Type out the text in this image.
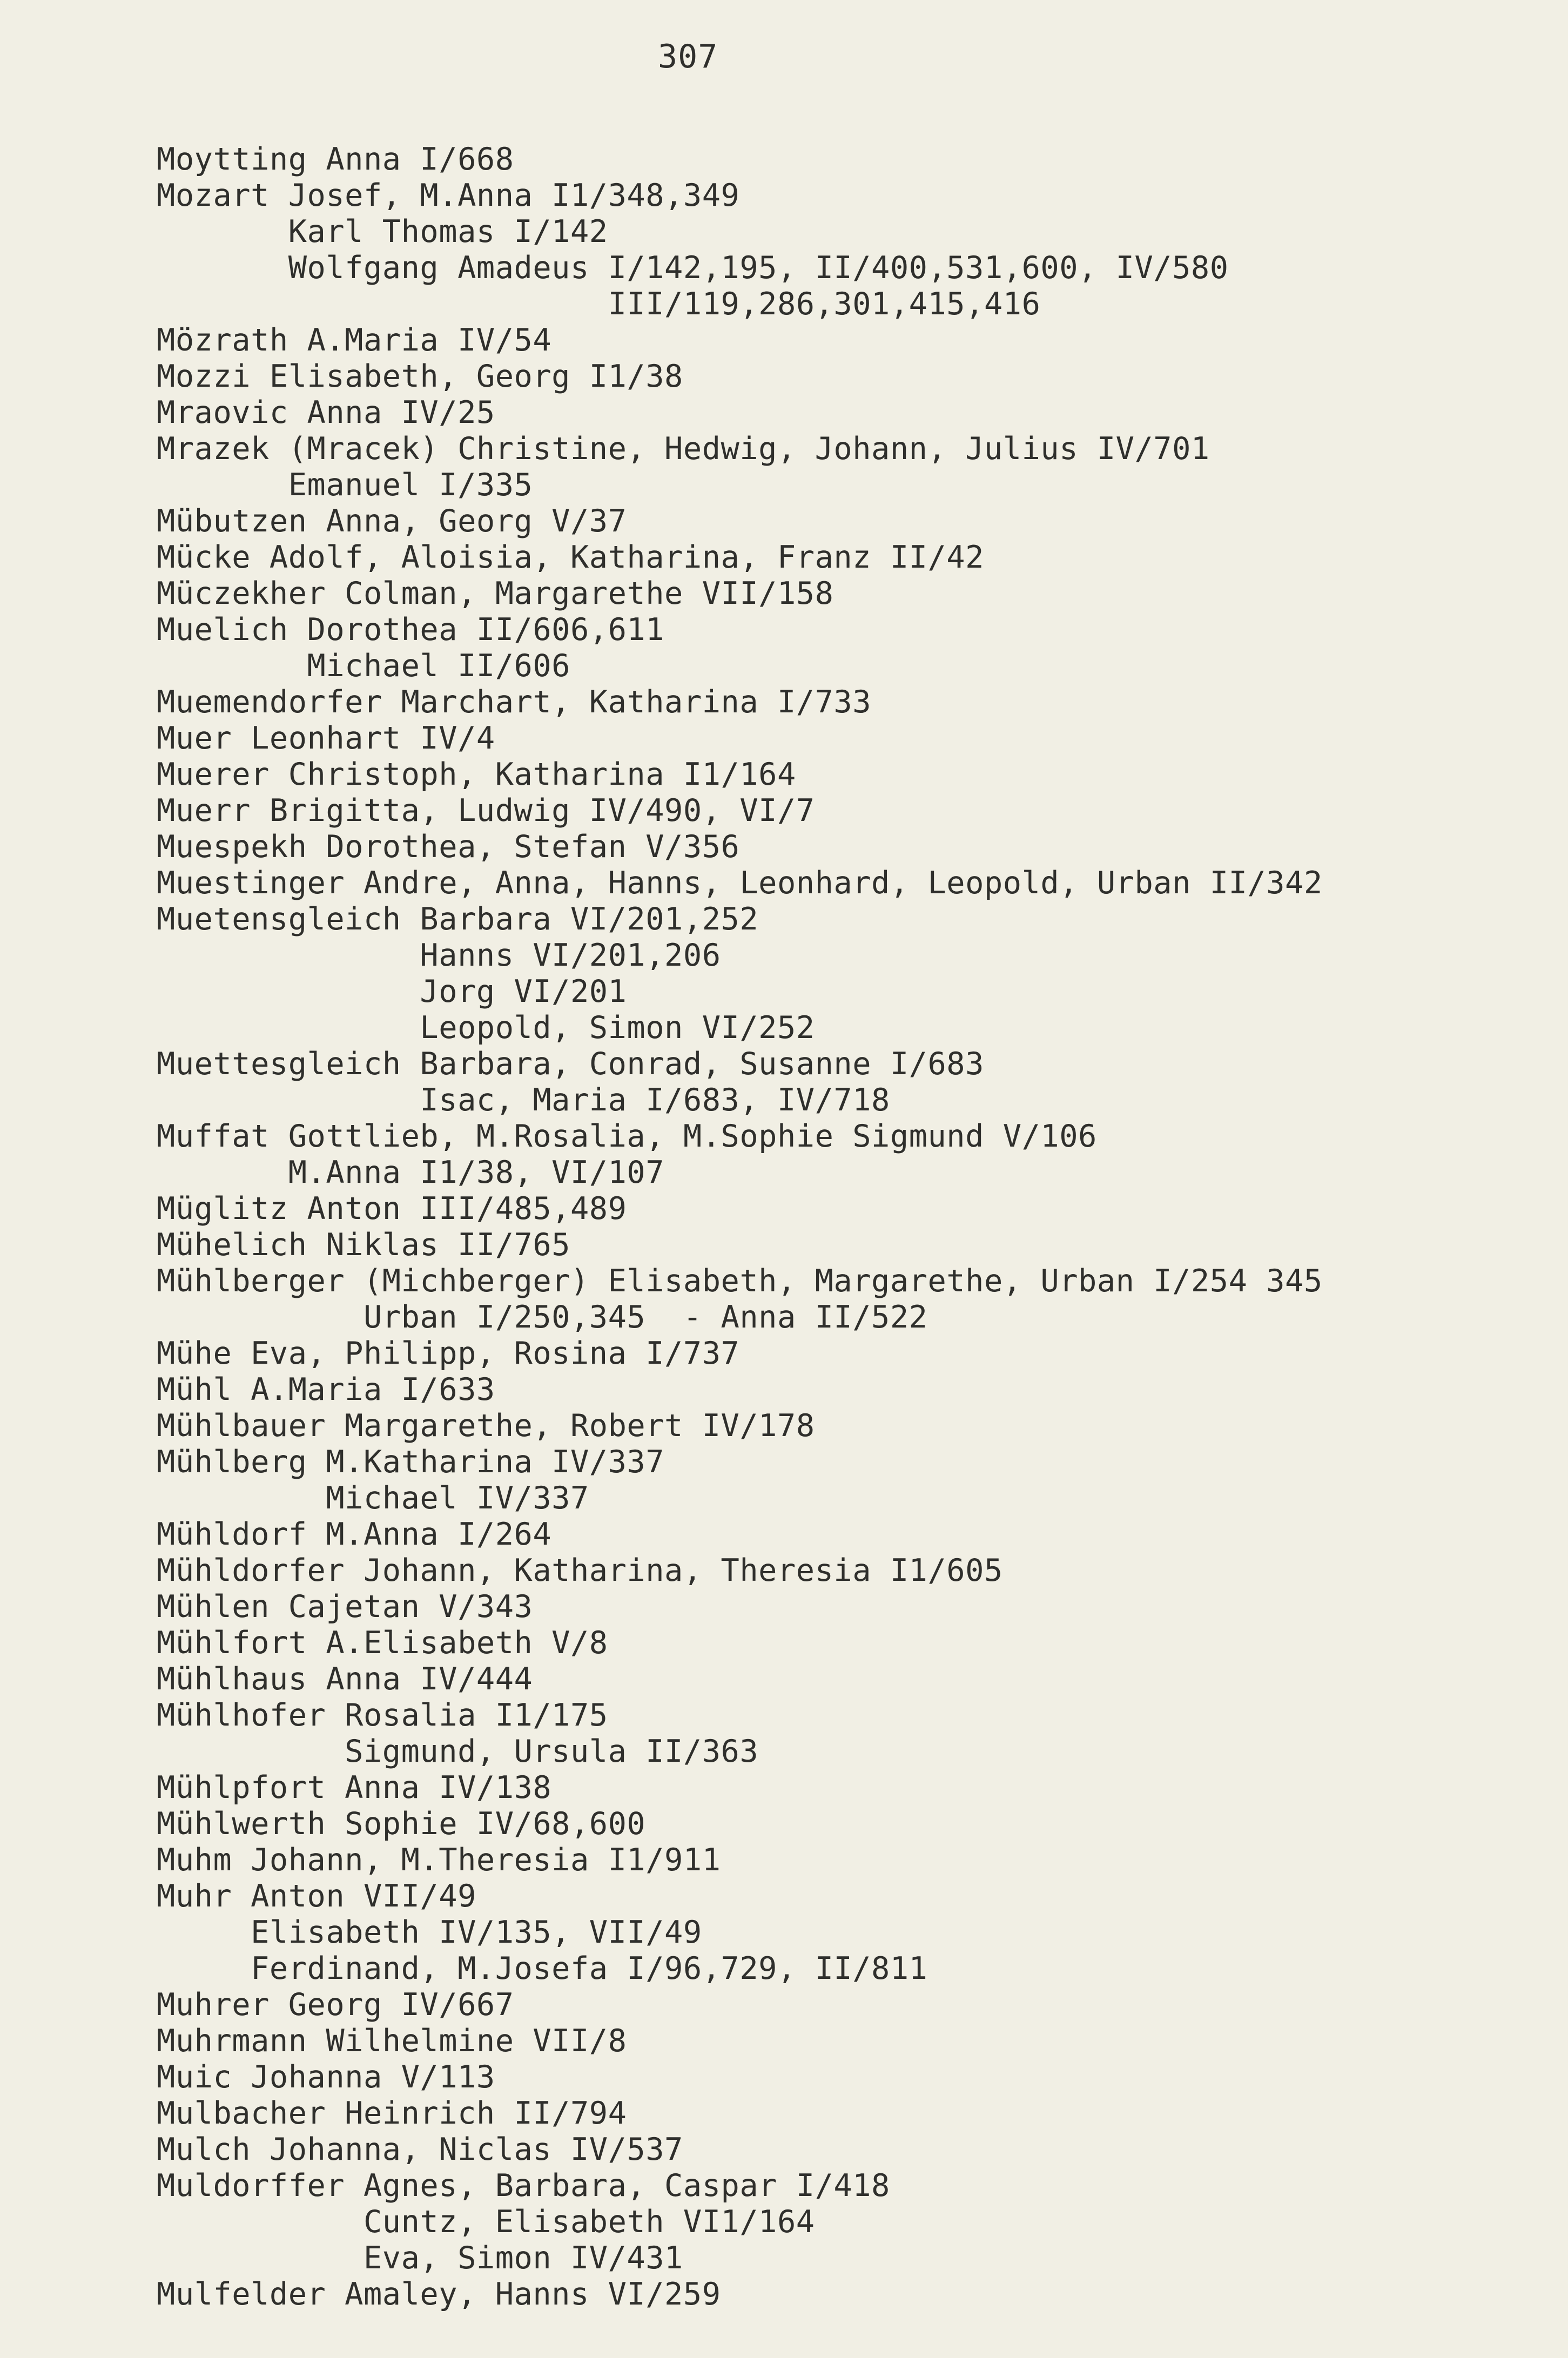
307
Moytting Anna I/668
Mozart Josef, M.Anna I1/348,349
Karl Thomas I/142
Wolfgang Amadeus I/142,195, II/400,531,600, IV/580
III/119,286,301,415,416
Mözrath A.Maria IV/54
Mozzi Elisabeth, Georg I1/38
Mraovic Anna IV/25
Mrazek (Mracek) Christine, Hedwig, Johann, Julius IV/701
Emanuel I/335
Mübutzen Anna, Georg V/37
Mücke Adolf, Aloisia, Katharina, Franz II/42
Müczekher Colman, Margarethe VII/158
Muelich Dorothea II/606,611
Michael II/606
Muemendorfer Marchart, Katharina I/733
Muer Leonhart IV/4
Muerer Christoph, Katharina I1/164
Muerr Brigitta, Ludwig IV/490, VI/7
Muespekh Dorothea, Stefan V/356
Muestinger Andre, Anna, Hanns, Leonhard, Leopold, Urban II/342
Muetensgleich Barbara VI/201,252
Hanns VI/201,206
Jorg VI/201
Leopold, Simon VI/252
Muettesgleich Barbara, Conrad, Susanne I/683
Isac, Maria I/683, IV/718
Muffat Gottlieb, M.Rosalia, M.Sophie Sigmund V/106
M.Anna I1/38, VI/107
Müglitz Anton III/485,489
Mühelich Niklas II/765
Mühlberger (Michberger) Elisabeth, Margarethe, Urban I/254 345
Urban I/250,345  - Anna II/522
Mühe Eva, Philipp, Rosina I/737
Mühl A.Maria I/633
Mühlbauer Margarethe, Robert IV/178
Mühlberg M.Katharina IV/337
Michael IV/337
Mühldorf M.Anna I/264
Mühldorfer Johann, Katharina, Theresia I1/605
Mühlen Cajetan V/343
Mühlfort A.Elisabeth V/8
Mühlhaus Anna IV/444
Mühlhofer Rosalia I1/175
Sigmund, Ursula II/363
Mühlpfort Anna IV/138
Mühlwerth Sophie IV/68,600
Muhm Johann, M.Theresia I1/911
Muhr Anton VII/49
Elisabeth IV/135, VII/49
Ferdinand, M.Josefa I/96,729, II/811
Muhrer Georg IV/667
Muhrmann Wilhelmine VII/8
Muic Johanna V/113
Mulbacher Heinrich II/794
Mulch Johanna, Niclas IV/537
Muldorffer Agnes, Barbara, Caspar I/418
Cuntz, Elisabeth VI1/164
Eva, Simon IV/431
Mulfelder Amaley, Hanns VI/259
